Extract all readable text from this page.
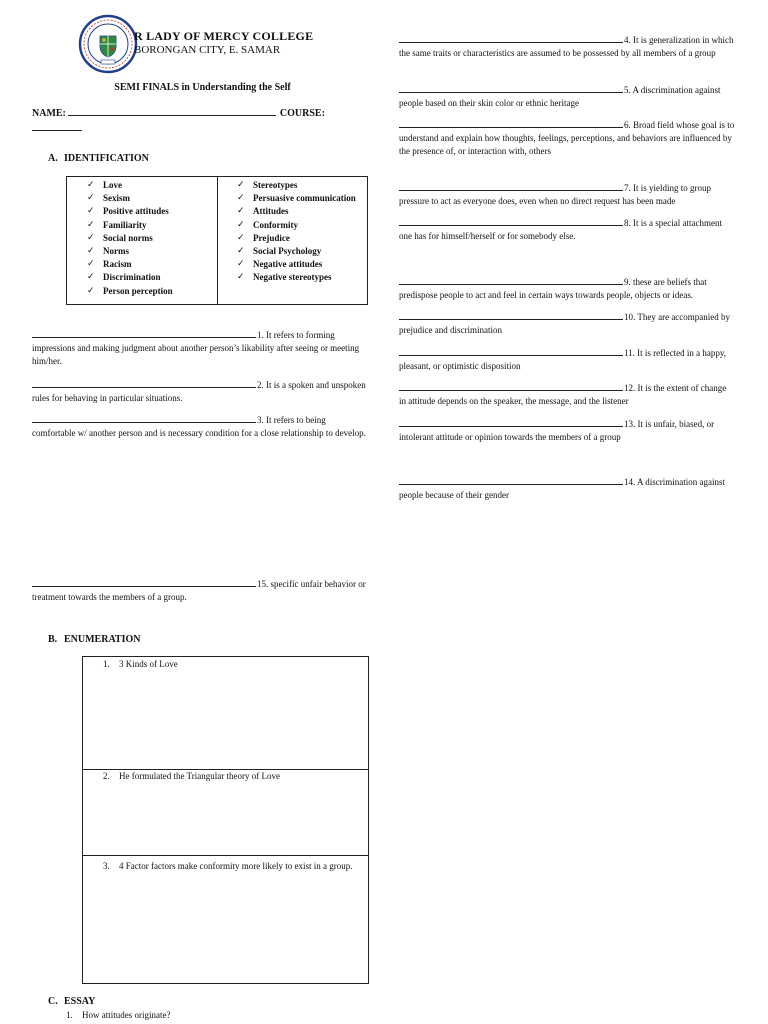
R LADY OF MERCY COLLEGE
BORONGAN CITY, E. SAMAR
SEMI FINALS in Understanding the Self
NAME:	COURSE:

A. IDENTIFICATION
✓ Love
✓ Sexism
✓ Positive attitudes
✓ Familiarity
✓ Social norms
✓ Norms
✓ Racism
✓ Discrimination
✓ Person perception
✓ Stereotypes
✓ Persuasive communication
✓ Attitudes
✓ Conformity
✓ Prejudice
✓ Social Psychology
✓ Negative attitudes
✓ Negative stereotypes
1. It refers to forming impressions and making judgment about another person’s likability after seeing or meeting him/her.
2. It is a spoken and unspoken rules for behaving in particular situations.
3. It refers to being comfortable w/ another person and is necessary condition for a close relationship to develop.
15. specific unfair behavior or treatment towards the members of a group.
4. It is generalization in which the same traits or characteristics are assumed to be possessed by all members of a group
5. A discrimination against people based on their skin color or ethnic heritage
6. Broad field whose goal is to understand and explain how thoughts, feelings, perceptions, and behaviors are influenced by the presence of, or interaction with, others
7. It is yielding to group pressure to act as everyone does, even when no direct request has been made
8. It is a special attachment one has for himself/herself or for somebody else.
9. these are beliefs that predispose people to act and feel in certain ways towards people, objects or ideas.
10. They are accompanied by prejudice and discrimination
11. It is reflected in a happy, pleasant, or optimistic disposition
12. It is the extent of change in attitude depends on the speaker, the message, and the listener
13. It is unfair, biased, or intolerant attitude or opinion towards the members of a group
14. A discrimination against people because of their gender
B. ENUMERATION
1. 3 Kinds of Love
2. He formulated the Triangular theory of Love
3. 4 Factor factors make conformity more likely to exist in a group.
C. ESSAY
1. How attitudes originate?
